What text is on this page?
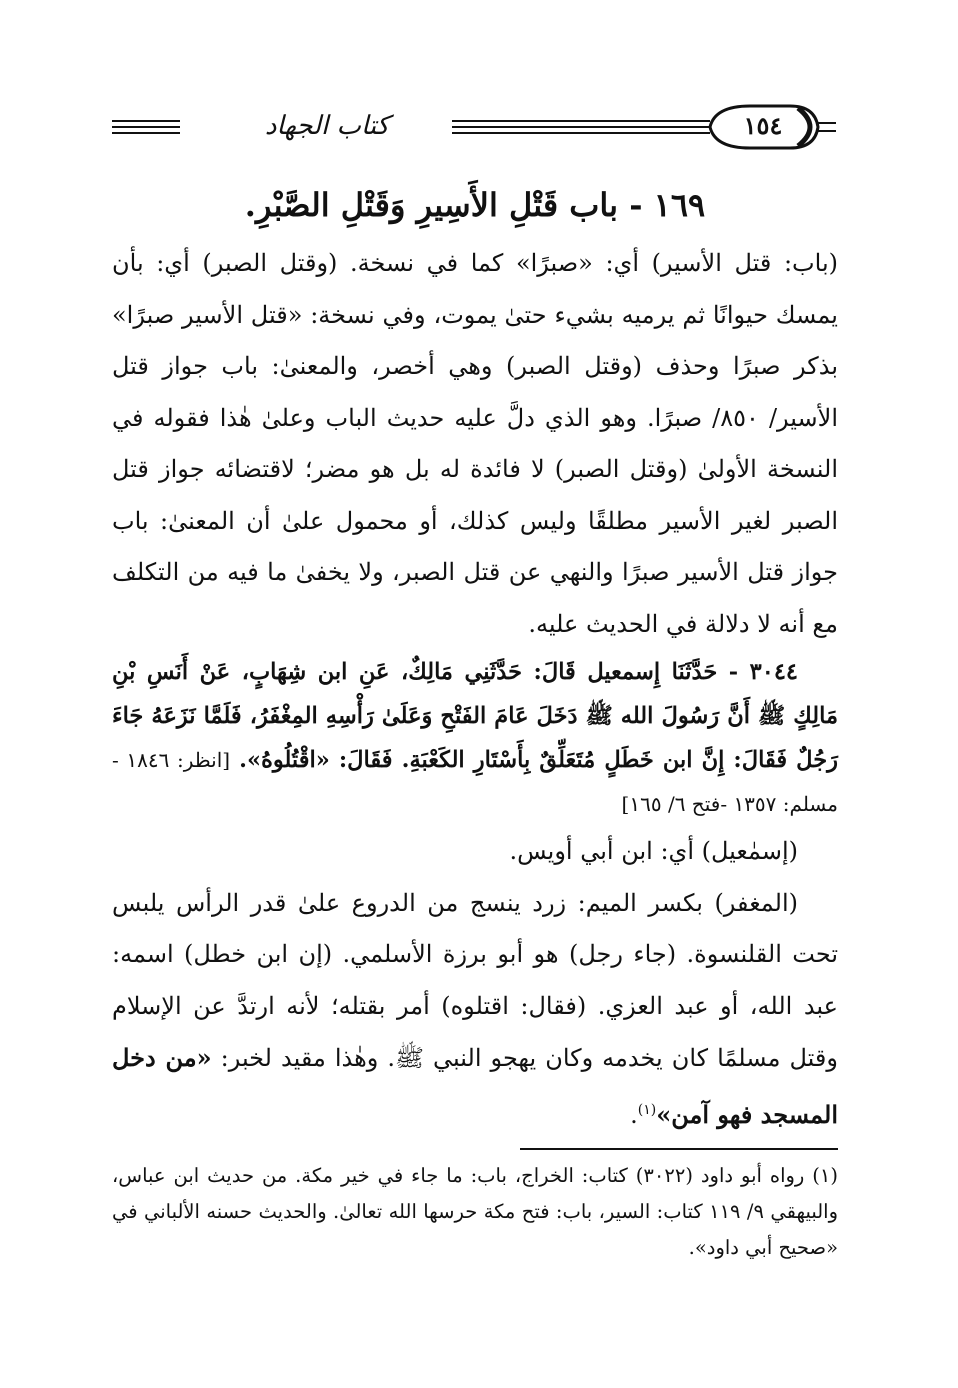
١٥٤
كتاب الجهاد
١٦٩ - باب قَتْلِ الأَسِيرِ وَقَتْلِ الصَّبْرِ.

(باب: قتل الأسير) أي: «صبرًا» كما في نسخة. (وقتل الصبر) أي: بأن يمسك حيوانًا ثم يرميه بشيء حتىٰ يموت، وفي نسخة: «قتل الأسير صبرًا» بذكر صبرًا وحذف (وقتل الصبر) وهي أخصر، والمعنىٰ: باب جواز قتل الأسير/ ٨٥٠/ صبرًا. وهو الذي دلَّ عليه حديث الباب وعلىٰ هٰذا فقوله في النسخة الأولىٰ (وقتل الصبر) لا فائدة له بل هو مضر؛ لاقتضائه جواز قتل الصبر لغير الأسير مطلقًا وليس كذلك، أو محمول علىٰ أن المعنىٰ: باب جواز قتل الأسير صبرًا والنهي عن قتل الصبر، ولا يخفىٰ ما فيه من التكلف مع أنه لا دلالة في الحديث عليه.

٣٠٤٤ - حَدَّثَنَا إِسمعيل قَالَ: حَدَّثَنِي مَالِكٌ، عَنِ ابن شِهَابٍ، عَنْ أَنَسِ بْنِ مَالِكٍ ﷺ أَنَّ رَسُولَ الله ﷺ دَخَلَ عَامَ الفَتْحِ وَعَلَىٰ رَأْسِهِ المِغْفَرُ، فَلَمَّا نَزَعَهُ جَاءَ رَجُلٌ فَقَالَ: إِنَّ ابن خَطَلٍ مُتَعَلِّقٌ بِأَسْتَارِ الكَعْبَةِ. فَقَالَ: «اقْتُلُوهُ». [انظر: ١٨٤٦ - مسلم: ١٣٥٧ -فتح ٦/ ١٦٥]

(إسمٰعيل) أي: ابن أبي أويس.

(المغفر) بكسر الميم: زرد ينسج من الدروع علىٰ قدر الرأس يلبس تحت القلنسوة. (جاء رجل) هو أبو برزة الأسلمي. (إن ابن خطل) اسمه: عبد الله، أو عبد العزي. (فقال: اقتلوه) أمر بقتله؛ لأنه ارتدَّ عن الإسلام وقتل مسلمًا كان يخدمه وكان يهجو النبي ﷺ. وهٰذا مقيد لخبر: «من دخل المسجد فهو آمن»$^{(١)}$.

(١) رواه أبو داود (٣٠٢٢) كتاب: الخراج، باب: ما جاء في خير مكة. من حديث ابن عباس، والبيهقي ٩/ ١١٩ كتاب: السير، باب: فتح مكة حرسها الله تعالىٰ. والحديث حسنه الألباني في «صحيح أبي داود».
